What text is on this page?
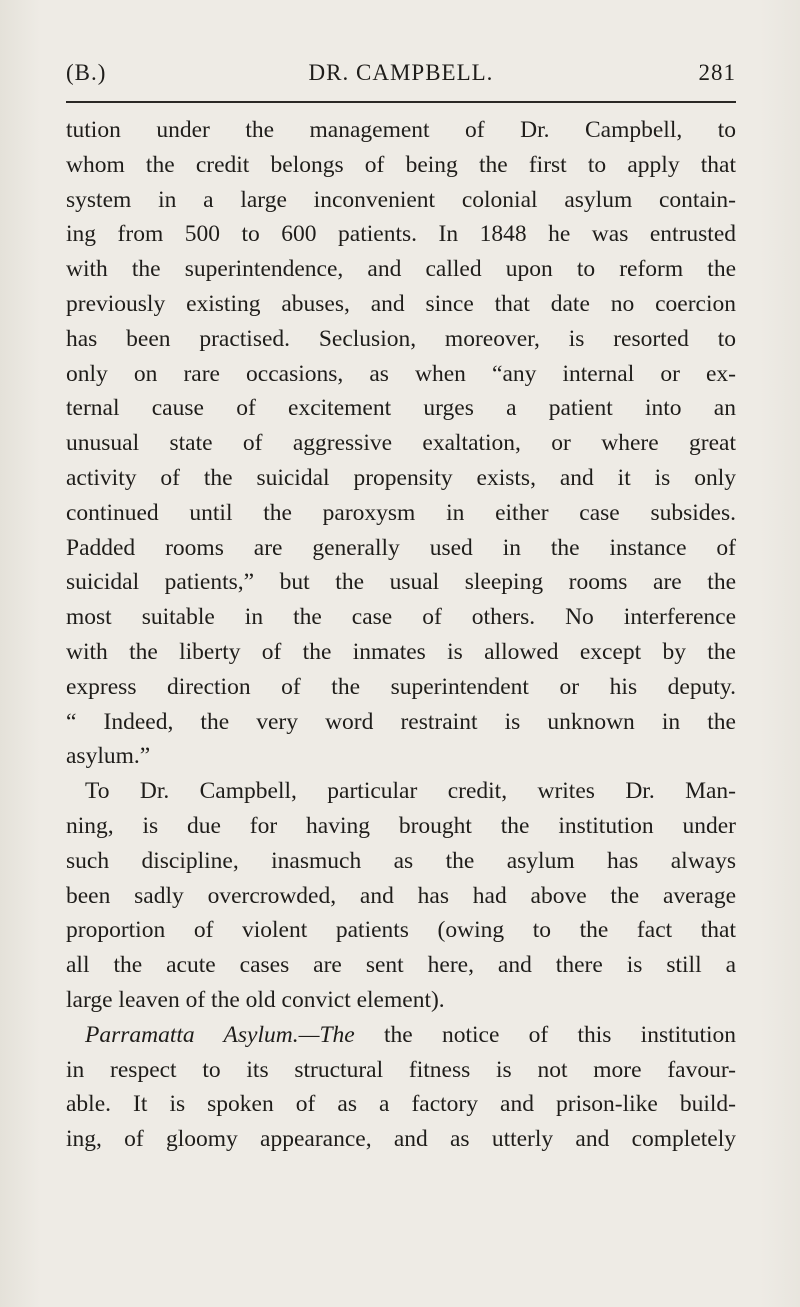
(B.)	DR. CAMPBELL.	281
tution under the management of Dr. Campbell, to
whom the credit belongs of being the first to apply that
system in a large inconvenient colonial asylum contain-
ing from 500 to 600 patients. In 1848 he was entrusted
with the superintendence, and called upon to reform the
previously existing abuses, and since that date no coercion
has been practised. Seclusion, moreover, is resorted to
only on rare occasions, as when “any internal or ex-
ternal cause of excitement urges a patient into an
unusual state of aggressive exaltation, or where great
activity of the suicidal propensity exists, and it is only
continued until the paroxysm in either case subsides.
Padded rooms are generally used in the instance of
suicidal patients,” but the usual sleeping rooms are the
most suitable in the case of others. No interference
with the liberty of the inmates is allowed except by the
express direction of the superintendent or his deputy.
“ Indeed, the very word restraint is unknown in the
asylum.”
To Dr. Campbell, particular credit, writes Dr. Man-
ning, is due for having brought the institution under
such discipline, inasmuch as the asylum has always
been sadly overcrowded, and has had above the average
proportion of violent patients (owing to the fact that
all the acute cases are sent here, and there is still a
large leaven of the old convict element).
Parramatta Asylum.—The the notice of this institution
in respect to its structural fitness is not more favour-
able. It is spoken of as a factory and prison-like build-
ing, of gloomy appearance, and as utterly and completely
